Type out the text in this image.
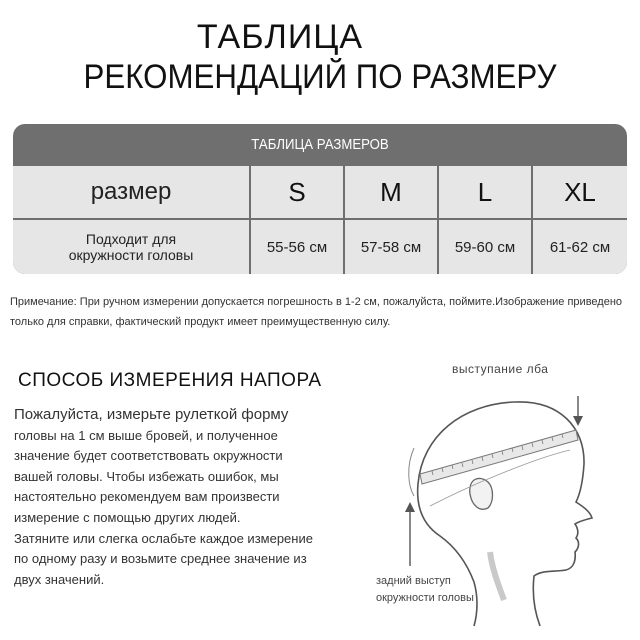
ТАБЛИЦА
РЕКОМЕНДАЦИЙ ПО РАЗМЕРУ
ТАБЛИЦА РАЗМЕРОВ
размер	S	M	L	XL
Подходит для
окружности головы	55-56 см	57-58 см	59-60 см	61-62 см
Примечание: При ручном измерении допускается погрешность в 1-2 см, пожалуйста, поймите.Изображение приведено только для справки, фактический продукт имеет преимущественную силу.
СПОСОБ ИЗМЕРЕНИЯ НАПОРА
Пожалуйста, измерьте рулеткой форму
головы на 1 см выше бровей, и полученное
значение будет соответствовать окружности
вашей головы. Чтобы избежать ошибок, мы
настоятельно рекомендуем вам произвести
измерение с помощью других людей.
Затяните или слегка ослабьте каждое измерение
по одному разу и возьмите среднее значение из
двух значений.
выступание лба
задний выступ
окружности головы
